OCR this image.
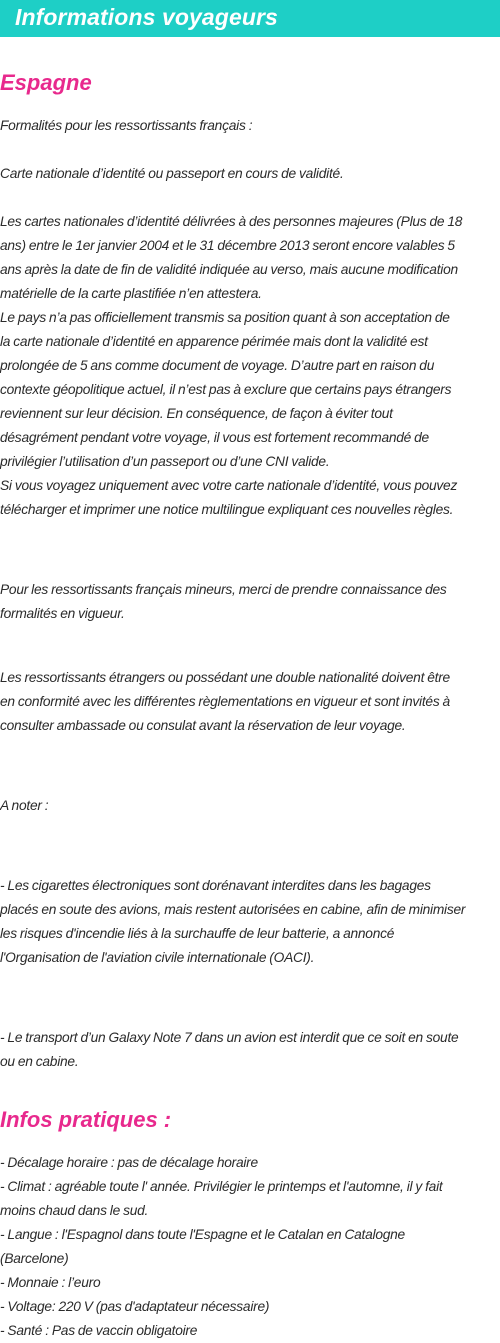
Informations voyageurs
Espagne

Formalités pour les ressortissants français :

Carte nationale d’identité ou passeport en cours de validité.

Les cartes nationales d’identité délivrées à des personnes majeures (Plus de 18
ans) entre le 1er janvier 2004 et le 31 décembre 2013 seront encore valables 5
ans après la date de fin de validité indiquée au verso, mais aucune modification
matérielle de la carte plastifiée n’en attestera.
Le pays n’a pas officiellement transmis sa position quant à son acceptation de
la carte nationale d’identité en apparence périmée mais dont la validité est
prolongée de 5 ans comme document de voyage. D’autre part en raison du
contexte géopolitique actuel, il n’est pas à exclure que certains pays étrangers
reviennent sur leur décision. En conséquence, de façon à éviter tout
désagrément pendant votre voyage, il vous est fortement recommandé de
privilégier l’utilisation d’un passeport ou d’une CNI valide.
Si vous voyagez uniquement avec votre carte nationale d’identité, vous pouvez
télécharger et imprimer une notice multilingue expliquant ces nouvelles règles.

Pour les ressortissants français mineurs, merci de prendre connaissance des
formalités en vigueur.

Les ressortissants étrangers ou possédant une double nationalité doivent être
en conformité avec les différentes règlementations en vigueur et sont invités à
consulter ambassade ou consulat avant la réservation de leur voyage.

A noter :

- Les cigarettes électroniques sont dorénavant interdites dans les bagages
placés en soute des avions, mais restent autorisées en cabine, afin de minimiser
les risques d'incendie liés à la surchauffe de leur batterie, a annoncé
l'Organisation de l'aviation civile internationale (OACI).

- Le transport d’un Galaxy Note 7 dans un avion est interdit que ce soit en soute
ou en cabine.

Infos pratiques :

- Décalage horaire : pas de décalage horaire
- Climat : agréable toute l' année. Privilégier le printemps et l'automne, il y fait
moins chaud dans le sud.
- Langue : l'Espagnol dans toute l'Espagne et le Catalan en Catalogne
(Barcelone)
- Monnaie : l’euro
- Voltage: 220 V (pas d'adaptateur nécessaire)
- Santé : Pas de vaccin obligatoire
